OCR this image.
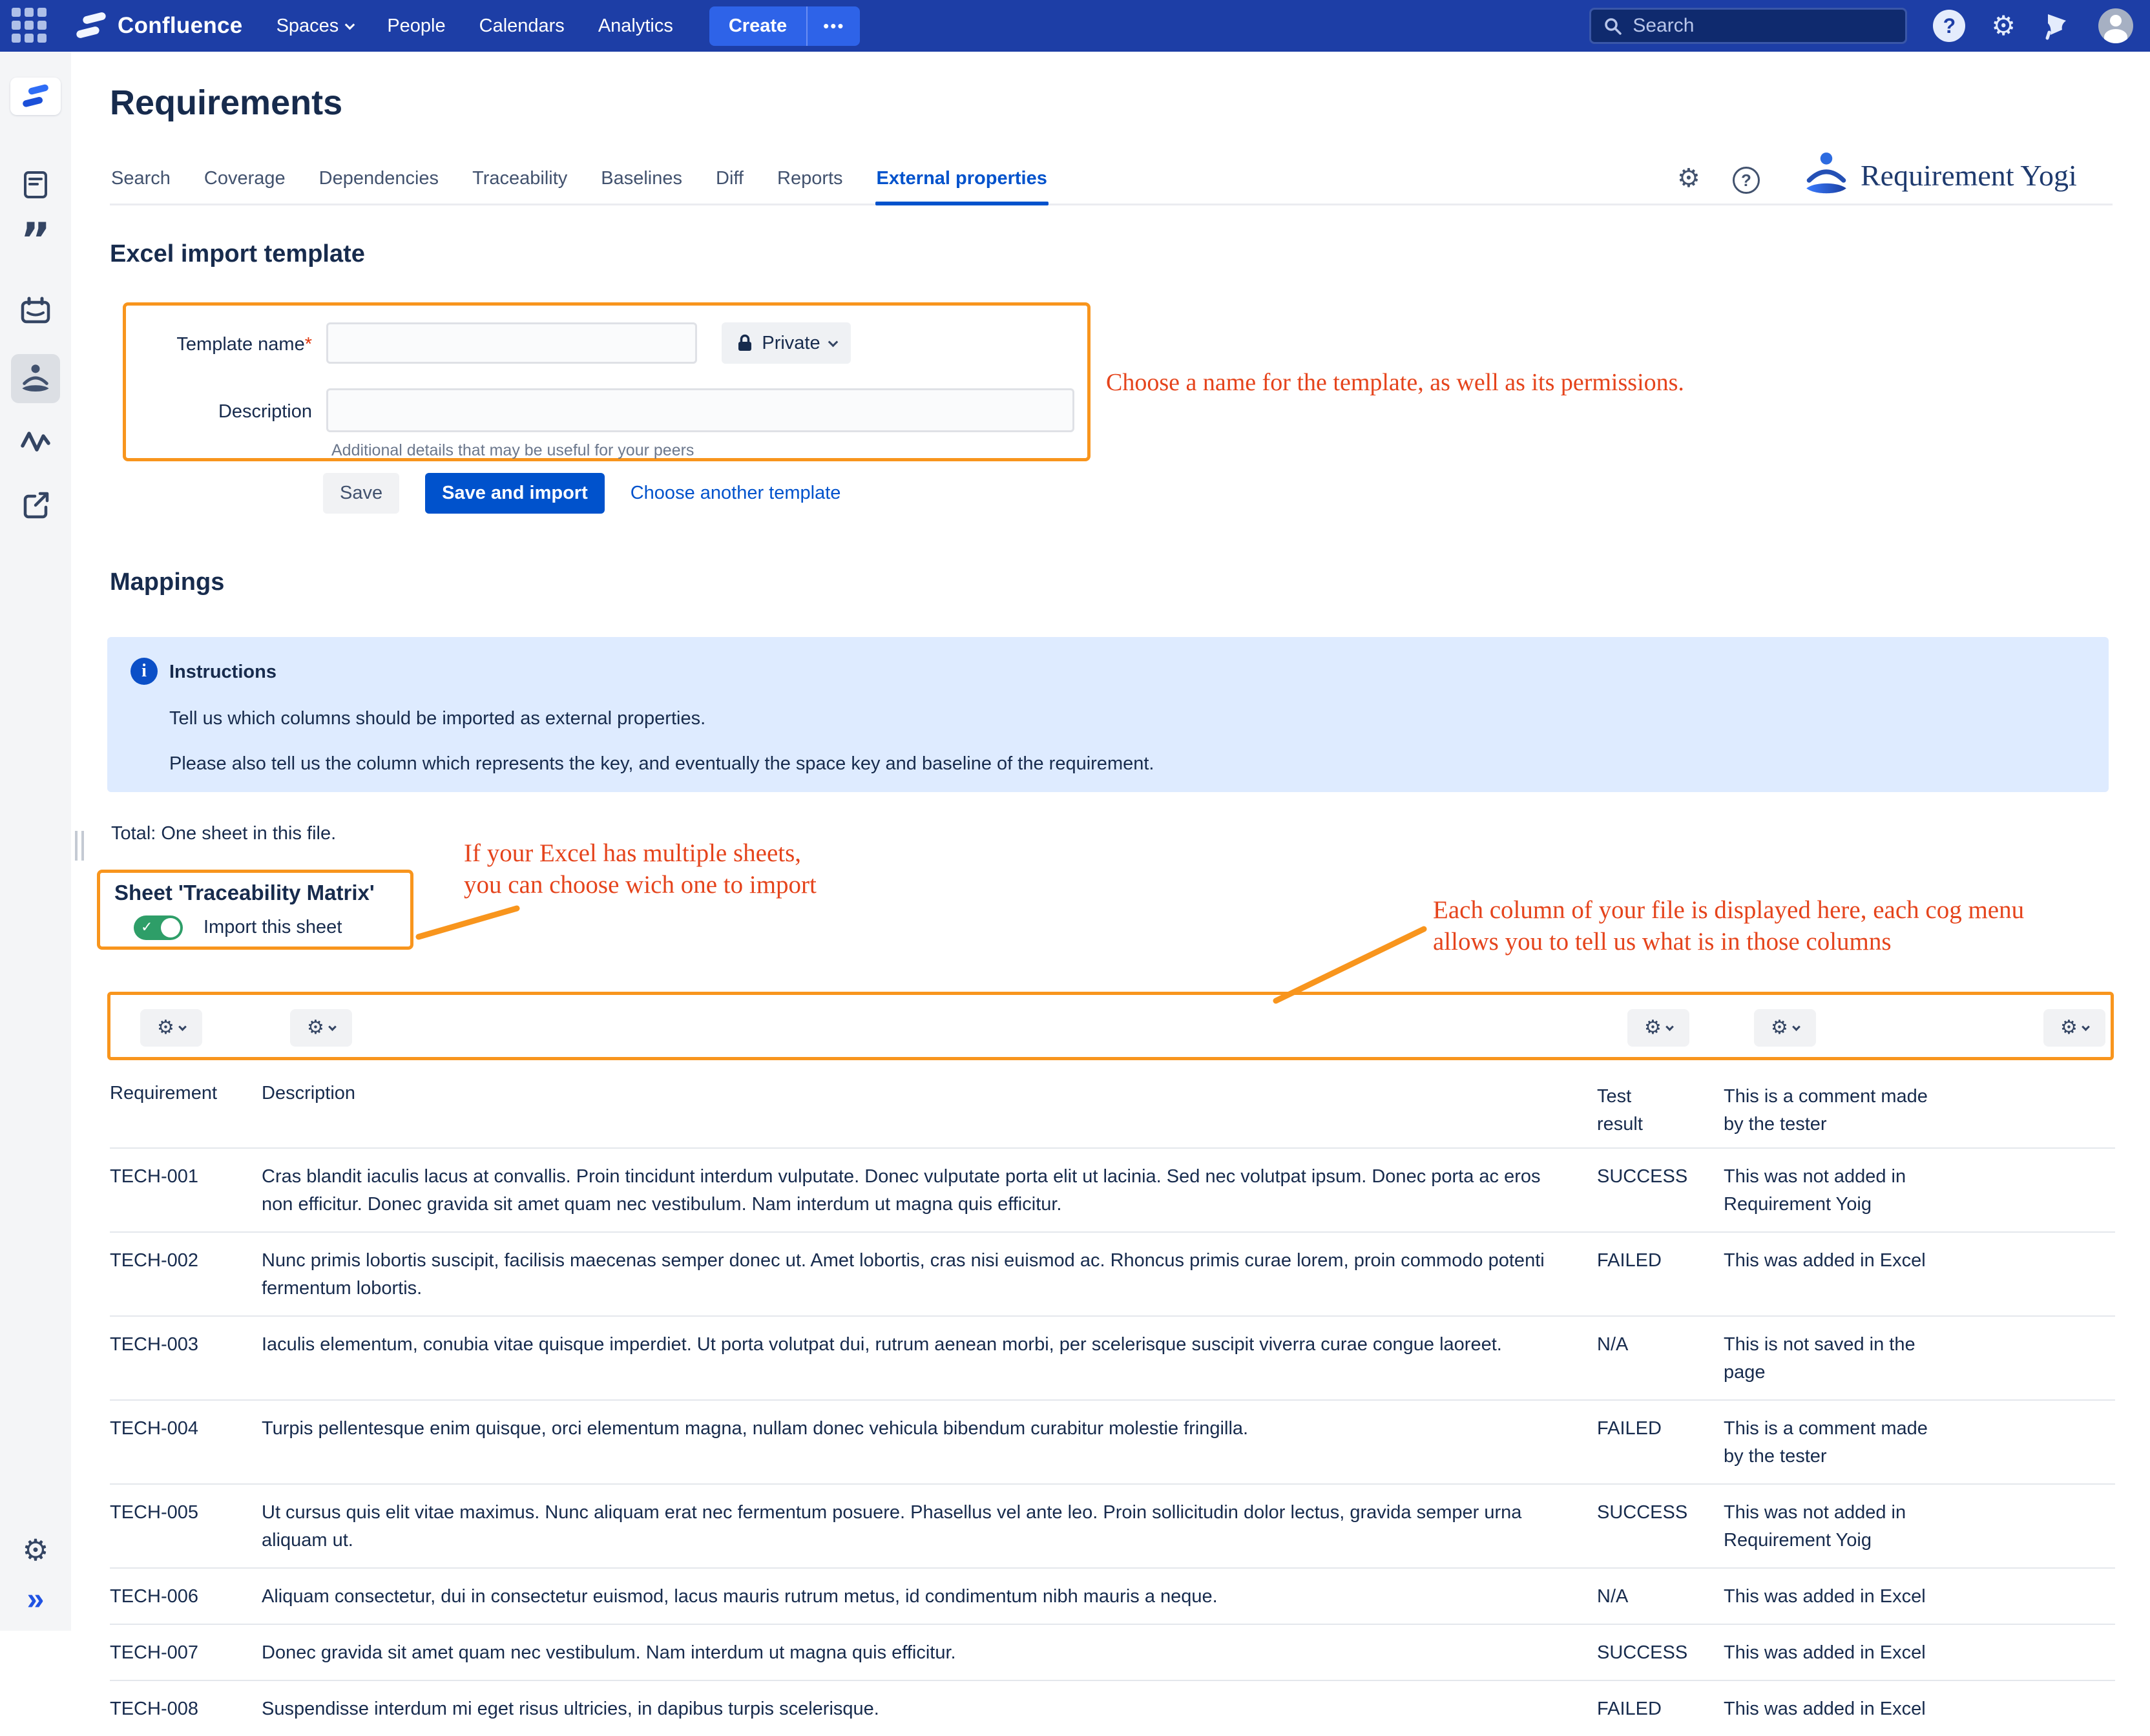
Confluence Spaces	People Calendars Analytics	Create	•••
Search	?	⚙
”
⚙
»
Requirements
Search Coverage Dependencies Traceability Baselines Diff Reports External properties	⚙	?	Requirement Yogi
Excel import template
Template name*	Private
Description
Additional details that may be useful for your peers
Save	Save and import	Choose another template
Choose a name for the template, as well as its permissions.
Mappings
i	Instructions
Tell us which columns should be imported as external properties.
Please also tell us the column which represents the key, and eventually the space key and baseline of the requirement.
Total: One sheet in this file.
Sheet 'Traceability Matrix'
✓	Import this sheet
If your Excel has multiple sheets,
you can choose wich one to import
Each column of your file is displayed here, each cog menu
allows you to tell us what is in those columns
⚙	⚙	⚙	⚙	⚙
Requirement	Description	Test result	This is a comment made by the tester

TECH-001	Cras blandit iaculis lacus at convallis. Proin tincidunt interdum vulputate. Donec vulputate porta elit ut lacinia. Sed nec volutpat ipsum. Donec porta ac eros non efficitur. Donec gravida sit amet quam nec vestibulum. Nam interdum ut magna quis efficitur.	SUCCESS	This was not added in Requirement Yoig

TECH-002	Nunc primis lobortis suscipit, facilisis maecenas semper donec ut. Amet lobortis, cras nisi euismod ac. Rhoncus primis curae lorem, proin commodo potenti fermentum lobortis.	FAILED	This was added in Excel

TECH-003	Iaculis elementum, conubia vitae quisque imperdiet. Ut porta volutpat dui, rutrum aenean morbi, per scelerisque suscipit viverra curae congue laoreet.	N/A	This is not saved in the page

TECH-004	Turpis pellentesque enim quisque, orci elementum magna, nullam donec vehicula bibendum curabitur molestie fringilla.	FAILED	This is a comment made by the tester

TECH-005	Ut cursus quis elit vitae maximus. Nunc aliquam erat nec fermentum posuere. Phasellus vel ante leo. Proin sollicitudin dolor lectus, gravida semper urna aliquam ut.	SUCCESS	This was not added in Requirement Yoig

TECH-006	Aliquam consectetur, dui in consectetur euismod, lacus mauris rutrum metus, id condimentum nibh mauris a neque.	N/A	This was added in Excel

TECH-007	Donec gravida sit amet quam nec vestibulum. Nam interdum ut magna quis efficitur.	SUCCESS	This was added in Excel

TECH-008	Suspendisse interdum mi eget risus ultricies, in dapibus turpis scelerisque.	FAILED	This was added in Excel
